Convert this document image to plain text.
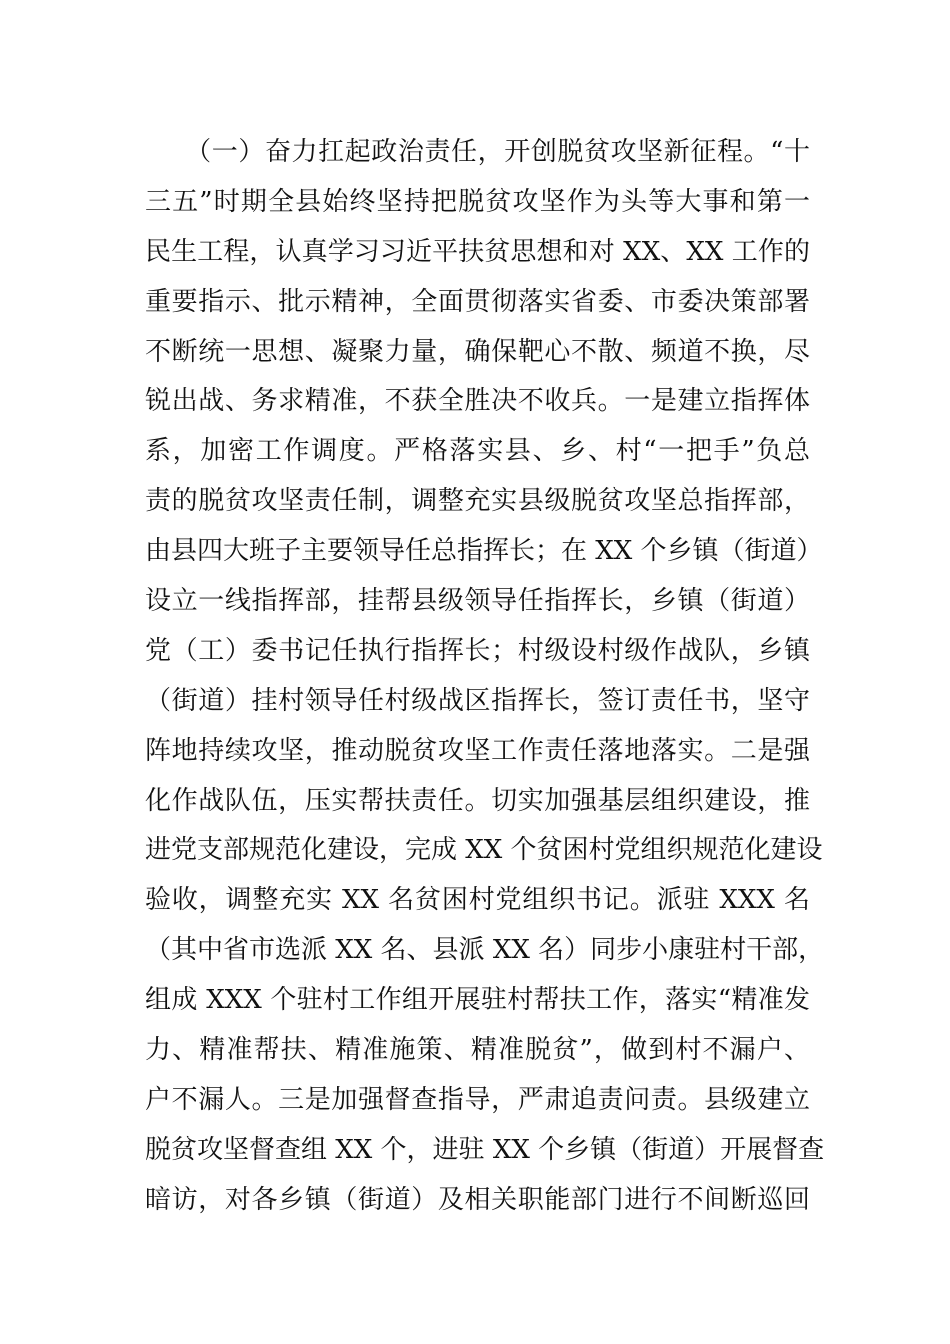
　　（一）奋力扛起政治责任，开创脱贫攻坚新征程。“十
三五”时期全县始终坚持把脱贫攻坚作为头等大事和第一
民生工程，认真学习习近平扶贫思想和对 XX、XX 工作的
重要指示、批示精神，全面贯彻落实省委、市委决策部署
不断统一思想、凝聚力量，确保靶心不散、频道不换，尽
锐出战、务求精准，不获全胜决不收兵。一是建立指挥体
系，加密工作调度。严格落实县、乡、村“一把手”负总
责的脱贫攻坚责任制，调整充实县级脱贫攻坚总指挥部，
由县四大班子主要领导任总指挥长；在 XX 个乡镇（街道）
设立一线指挥部，挂帮县级领导任指挥长，乡镇（街道）
党（工）委书记任执行指挥长；村级设村级作战队，乡镇
（街道）挂村领导任村级战区指挥长，签订责任书，坚守
阵地持续攻坚，推动脱贫攻坚工作责任落地落实。二是强
化作战队伍，压实帮扶责任。切实加强基层组织建设，推
进党支部规范化建设，完成 XX 个贫困村党组织规范化建设
验收，调整充实 XX 名贫困村党组织书记。派驻 XXX 名
（其中省市选派 XX 名、县派 XX 名）同步小康驻村干部，
组成 XXX 个驻村工作组开展驻村帮扶工作，落实“精准发
力、精准帮扶、精准施策、精准脱贫”，做到村不漏户、
户不漏人。三是加强督查指导，严肃追责问责。县级建立
脱贫攻坚督查组 XX 个，进驻 XX 个乡镇（街道）开展督查
暗访，对各乡镇（街道）及相关职能部门进行不间断巡回
